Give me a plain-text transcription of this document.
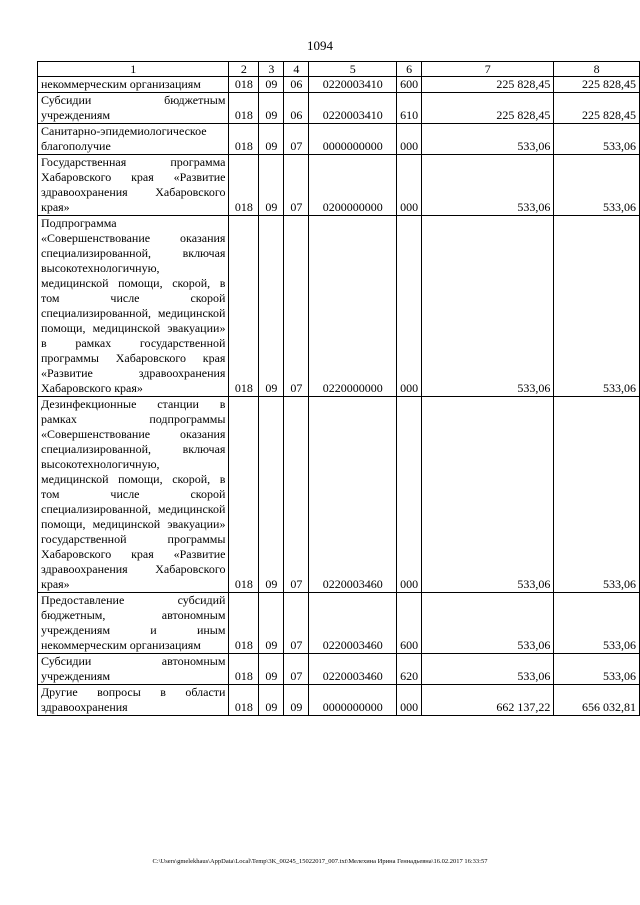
1094
1	2	3	4	5	6	7	8
некоммерческим организациям	018	09	06	0220003410	600	225 828,45	225 828,45
Субсидии бюджетным учреждениям	018	09	06	0220003410	610	225 828,45	225 828,45
Санитарно-эпидемиологическое благополучие	018	09	07	0000000000	000	533,06	533,06
Государственная программа Хабаровского края «Развитие здравоохранения Хабаровского края»	018	09	07	0200000000	000	533,06	533,06
Подпрограмма «Совершенствование оказания специализированной, включая высокотехнологичную, медицинской помощи, скорой, в том числе скорой специализированной, медицинской помощи, медицинской эвакуации» в рамках государственной программы Хабаровского края «Развитие здравоохранения Хабаровского края»	018	09	07	0220000000	000	533,06	533,06
Дезинфекционные станции в рамках подпрограммы «Совершенствование оказания специализированной, включая высокотехнологичную, медицинской помощи, скорой, в том числе скорой специализированной, медицинской помощи, медицинской эвакуации» государственной программы Хабаровского края «Развитие здравоохранения Хабаровского края»	018	09	07	0220003460	000	533,06	533,06
Предоставление субсидий бюджетным, автономным учреждениям и иным некоммерческим организациям	018	09	07	0220003460	600	533,06	533,06
Субсидии автономным учреждениям	018	09	07	0220003460	620	533,06	533,06
Другие вопросы в области здравоохранения	018	09	09	0000000000	000	662 137,22	656 032,81
C:\Users\gmelekhaus\AppData\Local\Temp\3K_00245_15022017_007.txt\Мелехина Ирина Геннадьевна\16.02.2017 16:33:57
